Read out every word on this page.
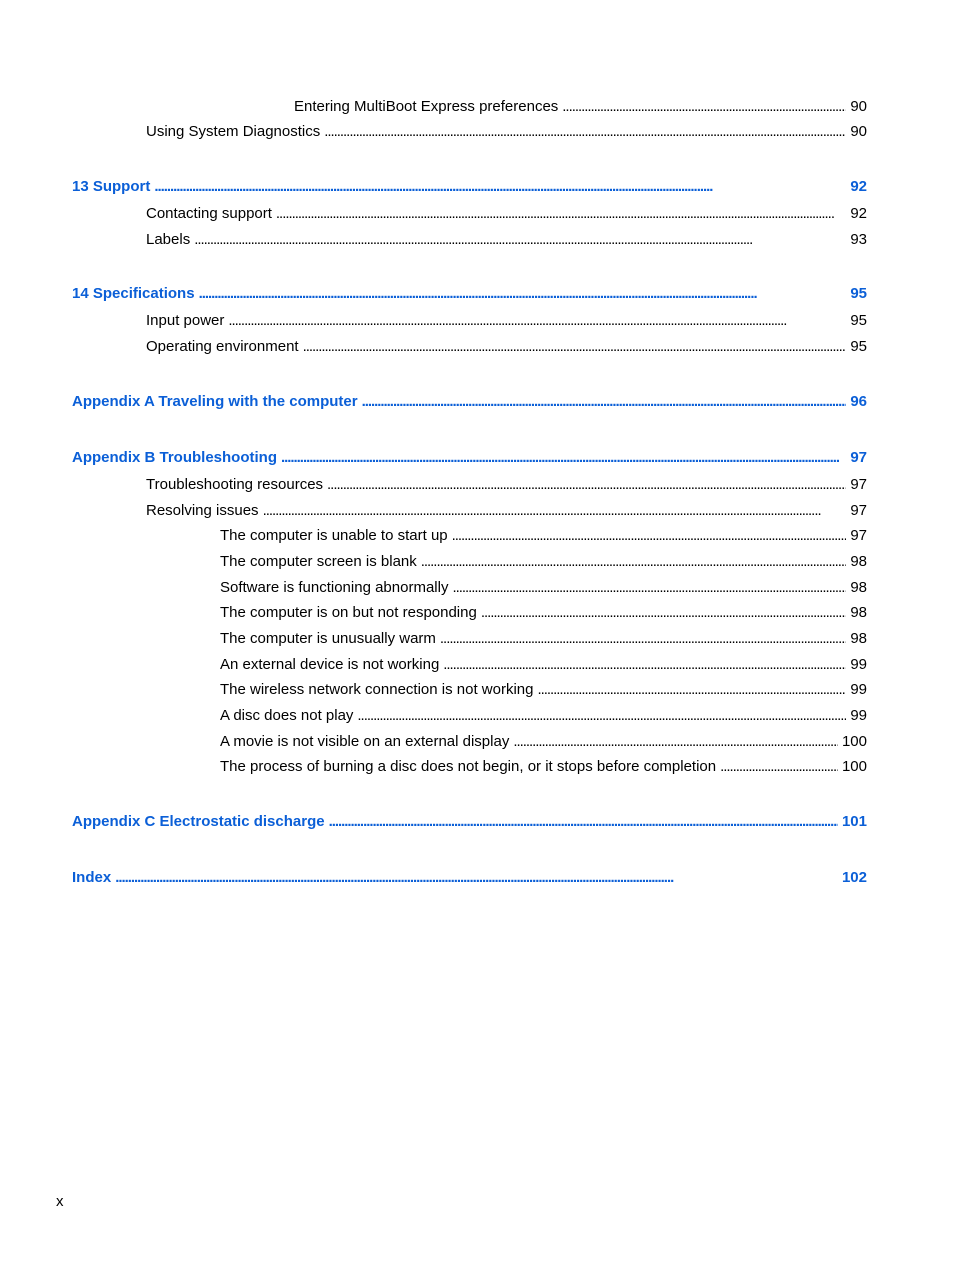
Entering MultiBoot Express preferences . . .	90
Using System Diagnostics . . .	90
13 Support . . .	92
Contacting support . . .	92
Labels . . .	93
14 Specifications . . .	95
Input power . . .	95
Operating environment . . .	95
Appendix A Traveling with the computer . . .	96
Appendix B Troubleshooting . . .	97
Troubleshooting resources . . .	97
Resolving issues . . .	97
The computer is unable to start up . . .	97
The computer screen is blank . . .	98
Software is functioning abnormally . . .	98
The computer is on but not responding . . .	98
The computer is unusually warm . . .	98
An external device is not working . . .	99
The wireless network connection is not working . . .	99
A disc does not play . . .	99
A movie is not visible on an external display . . .	100
The process of burning a disc does not begin, or it stops before completion . . .	100
Appendix C Electrostatic discharge . . .	101
Index . . .	102
x
